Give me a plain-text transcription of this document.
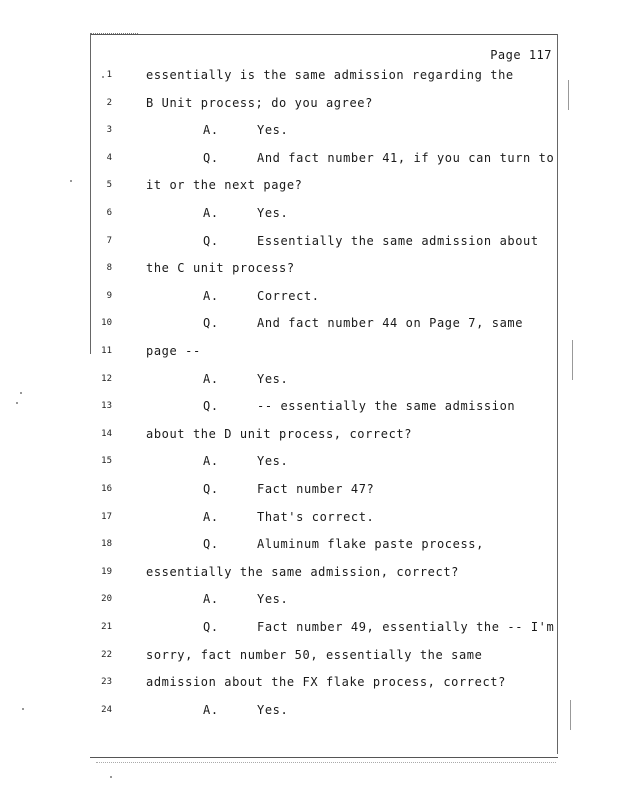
Page 117
1	essentially is the same admission regarding the
2	B Unit process; do you agree?
3	A.	Yes.
4	Q.	And fact number 41, if you can turn to
5	it or the next page?
6	A.	Yes.
7	Q.	Essentially the same admission about
8	the C unit process?
9	A.	Correct.
10	Q.	And fact number 44 on Page 7, same
11	page --
12	A.	Yes.
13	Q.	-- essentially the same admission
14	about the D unit process, correct?
15	A.	Yes.
16	Q.	Fact number 47?
17	A.	That's correct.
18	Q.	Aluminum flake paste process,
19	essentially the same admission, correct?
20	A.	Yes.
21	Q.	Fact number 49, essentially the -- I'm
22	sorry, fact number 50, essentially the same
23	admission about the FX flake process, correct?
24	A.	Yes.
